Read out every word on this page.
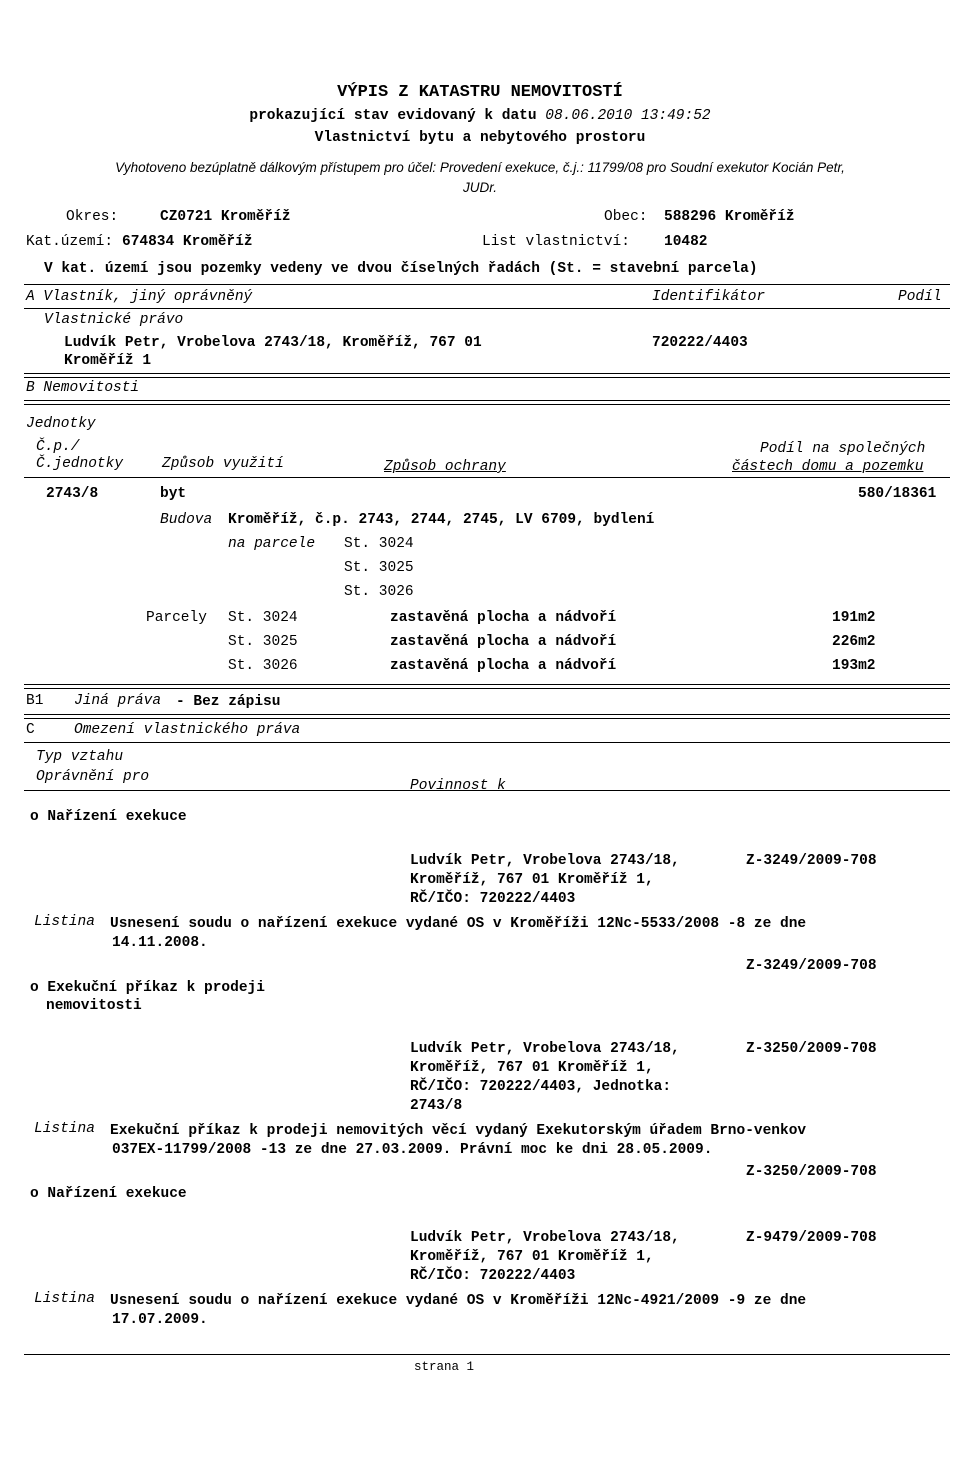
VÝPIS Z KATASTRU NEMOVITOSTÍ
prokazující stav evidovaný k datu 08.06.2010 13:49:52
Vlastnictví bytu a nebytového prostoru
Vyhotoveno bezúplatně dálkovým přístupem pro účel: Provedení exekuce, č.j.: 11799/08 pro Soudní exekutor Kocián Petr,
JUDr.
Okres:	CZ0721 Kroměříž	Obec: 588296 Kroměříž
Kat.území: 674834 Kroměříž	List vlastnictví: 10482
V kat. území jsou pozemky vedeny ve dvou číselných řadách (St. = stavební parcela)
A Vlastník, jiný oprávněný	Identifikátor	Podíl
Vlastnické právo
Ludvík Petr, Vrobelova 2743/18, Kroměříž, 767 01
Kroměříž 1
720222/4403
B Nemovitosti
Jednotky
Č.p./
Č.jednotky	Způsob využití	Způsob ochrany
Podíl na společných
částech domu a pozemku
2743/8	byt	580/18361
Budova Kroměříž, č.p. 2743, 2744, 2745, LV 6709, bydlení
na parcele St. 3024
St. 3025
St. 3026
Parcely St. 3024	zastavěná plocha a nádvoří	191m2
St. 3025	zastavěná plocha a nádvoří	226m2
St. 3026	zastavěná plocha a nádvoří	193m2
B1 Jiná práva - Bez zápisu
C	Omezení vlastnického práva
Typ vztahu
Oprávnění pro
Povinnost k
o Nařízení exekuce
Ludvík Petr, Vrobelova 2743/18,
Kroměříž, 767 01 Kroměříž 1,
RČ/IČO: 720222/4403
Z-3249/2009-708
Listina Usnesení soudu o nařízení exekuce vydané OS v Kroměříži 12Nc-5533/2008 -8 ze dne
14.11.2008.
Z-3249/2009-708
o Exekuční příkaz k prodeji
nemovitosti
Ludvík Petr, Vrobelova 2743/18,
Kroměříž, 767 01 Kroměříž 1,
RČ/IČO: 720222/4403, Jednotka:
2743/8
Z-3250/2009-708
Listina Exekuční příkaz k prodeji nemovitých věcí vydaný Exekutorským úřadem Brno-venkov
037EX-11799/2008 -13 ze dne 27.03.2009. Právní moc ke dni 28.05.2009.
Z-3250/2009-708
o Nařízení exekuce
Ludvík Petr, Vrobelova 2743/18,
Kroměříž, 767 01 Kroměříž 1,
RČ/IČO: 720222/4403
Z-9479/2009-708
Listina Usnesení soudu o nařízení exekuce vydané OS v Kroměříži 12Nc-4921/2009 -9 ze dne
17.07.2009.
strana 1
